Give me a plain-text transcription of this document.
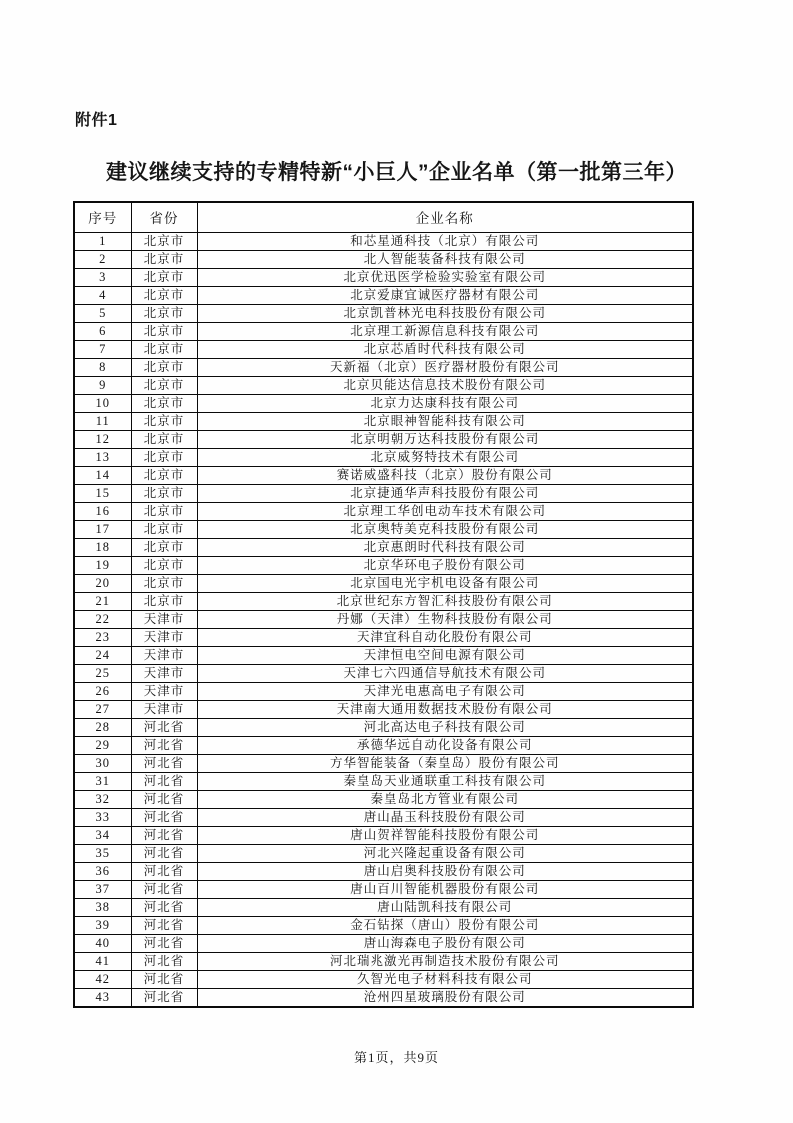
附件1
建议继续支持的专精特新“小巨人”企业名单（第一批第三年）
序号	省份	企业名称
1	北京市	和芯星通科技（北京）有限公司
2	北京市	北人智能装备科技有限公司
3	北京市	北京优迅医学检验实验室有限公司
4	北京市	北京爱康宜诚医疗器材有限公司
5	北京市	北京凯普林光电科技股份有限公司
6	北京市	北京理工新源信息科技有限公司
7	北京市	北京芯盾时代科技有限公司
8	北京市	天新福（北京）医疗器材股份有限公司
9	北京市	北京贝能达信息技术股份有限公司
10	北京市	北京力达康科技有限公司
11	北京市	北京眼神智能科技有限公司
12	北京市	北京明朝万达科技股份有限公司
13	北京市	北京威努特技术有限公司
14	北京市	赛诺威盛科技（北京）股份有限公司
15	北京市	北京捷通华声科技股份有限公司
16	北京市	北京理工华创电动车技术有限公司
17	北京市	北京奥特美克科技股份有限公司
18	北京市	北京惠朗时代科技有限公司
19	北京市	北京华环电子股份有限公司
20	北京市	北京国电光宇机电设备有限公司
21	北京市	北京世纪东方智汇科技股份有限公司
22	天津市	丹娜（天津）生物科技股份有限公司
23	天津市	天津宜科自动化股份有限公司
24	天津市	天津恒电空间电源有限公司
25	天津市	天津七六四通信导航技术有限公司
26	天津市	天津光电惠高电子有限公司
27	天津市	天津南大通用数据技术股份有限公司
28	河北省	河北高达电子科技有限公司
29	河北省	承德华远自动化设备有限公司
30	河北省	方华智能装备（秦皇岛）股份有限公司
31	河北省	秦皇岛天业通联重工科技有限公司
32	河北省	秦皇岛北方管业有限公司
33	河北省	唐山晶玉科技股份有限公司
34	河北省	唐山贺祥智能科技股份有限公司
35	河北省	河北兴隆起重设备有限公司
36	河北省	唐山启奥科技股份有限公司
37	河北省	唐山百川智能机器股份有限公司
38	河北省	唐山陆凯科技有限公司
39	河北省	金石钻探（唐山）股份有限公司
40	河北省	唐山海森电子股份有限公司
41	河北省	河北瑞兆激光再制造技术股份有限公司
42	河北省	久智光电子材料科技有限公司
43	河北省	沧州四星玻璃股份有限公司
第1页，共9页
